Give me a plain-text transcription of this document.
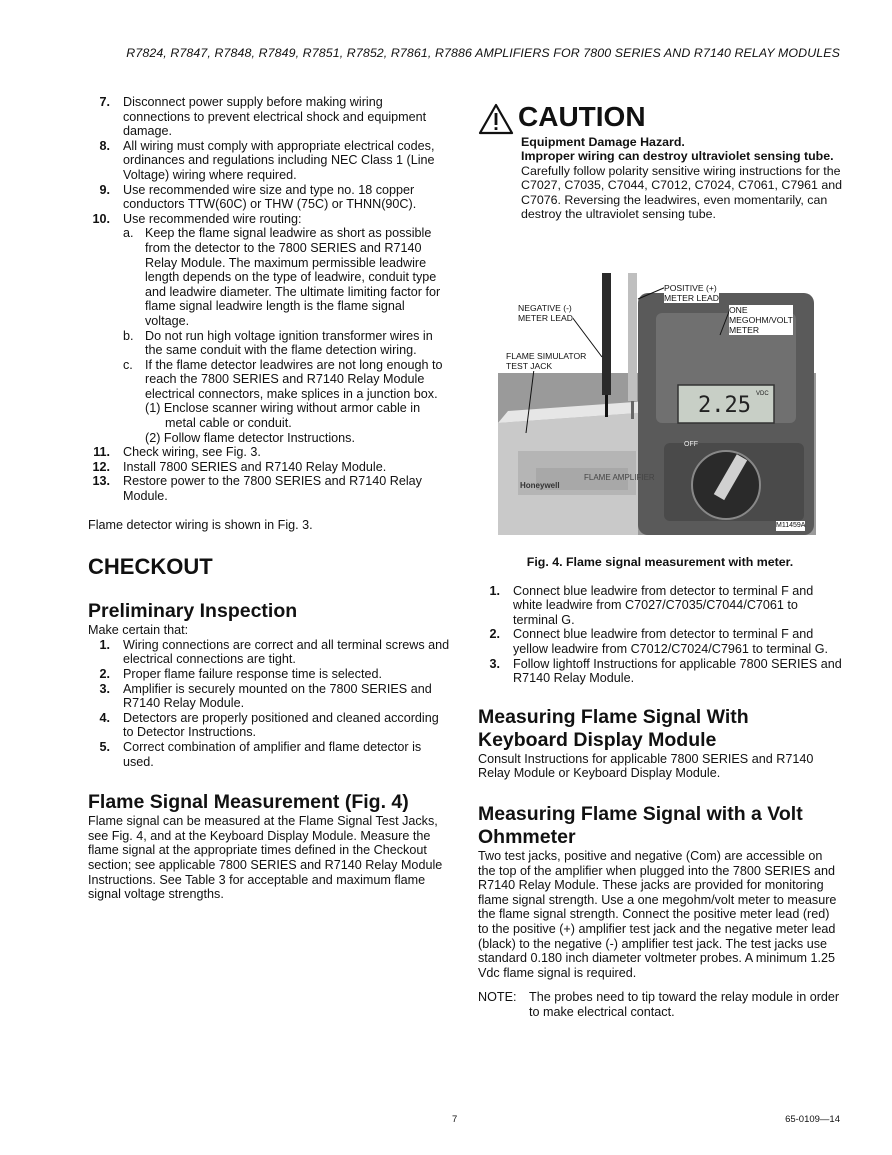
R7824, R7847, R7848, R7849, R7851, R7852, R7861, R7886 AMPLIFIERS FOR 7800 SERIES AND R7140 RELAY MODULES
7. Disconnect power supply before making wiring connections to prevent electrical shock and equipment damage.
8. All wiring must comply with appropriate electrical codes, ordinances and regulations including NEC Class 1 (Line Voltage) wiring where required.
9. Use recommended wire size and type no. 18 copper conductors TTW(60C) or THW (75C) or THNN(90C).
10. Use recommended wire routing:
a. Keep the flame signal leadwire as short as possible from the detector to the 7800 SERIES and R7140 Relay Module. The maximum permissible leadwire length depends on the type of leadwire, conduit type and leadwire diameter. The ultimate limiting factor for flame signal leadwire length is the flame signal voltage.
b. Do not run high voltage ignition transformer wires in the same conduit with the flame detection wiring.
c. If the flame detector leadwires are not long enough to reach the 7800 SERIES and R7140 Relay Module electrical connectors, make splices in a junction box.
(1) Enclose scanner wiring without armor cable in metal cable or conduit.
(2) Follow flame detector Instructions.
11. Check wiring, see Fig. 3.
12. Install 7800 SERIES and R7140 Relay Module.
13. Restore power to the 7800 SERIES and R7140 Relay Module.

Flame detector wiring is shown in Fig. 3.

CHECKOUT
Preliminary Inspection

Make certain that:

1. Wiring connections are correct and all terminal screws and electrical connections are tight.
2. Proper flame failure response time is selected.
3. Amplifier is securely mounted on the 7800 SERIES and R7140 Relay Module.
4. Detectors are properly positioned and cleaned according to Detector Instructions.
5. Correct combination of amplifier and flame detector is used.
Flame Signal Measurement (Fig. 4)

Flame signal can be measured at the Flame Signal Test Jacks, see Fig. 4, and at the Keyboard Display Module. Measure the flame signal at the appropriate times defined in the Checkout section; see applicable 7800 SERIES and R7140 Relay Module Instructions. See Table 3 for acceptable and maximum flame signal voltage strengths.

CAUTION

Equipment Damage Hazard.

Improper wiring can destroy ultraviolet sensing tube.

Carefully follow polarity sensitive wiring instructions for the C7027, C7035, C7044, C7012, C7024, C7061, C7961 and C7076. Reversing the leadwires, even momentarily, can destroy the ultraviolet sensing tube.

NEGATIVE (-)
METER LEAD
POSITIVE (+)
METER LEAD
ONE
MEGOHM/VOLT
METER
FLAME SIMULATOR
TEST JACK
2.25 VDC
OFF
Honeywell
FLAME AMPLIFIER
M11459A

Fig. 4. Flame signal measurement with meter.

1. Connect blue leadwire from detector to terminal F and white leadwire from C7027/C7035/C7044/C7061 to terminal G.
2. Connect blue leadwire from detector to terminal F and yellow leadwire from C7012/C7024/C7961 to terminal G.
3. Follow lightoff Instructions for applicable 7800 SERIES and R7140 Relay Module.
Measuring Flame Signal With Keyboard Display Module

Consult Instructions for applicable 7800 SERIES and R7140 Relay Module or Keyboard Display Module.

Measuring Flame Signal with a Volt Ohmmeter

Two test jacks, positive and negative (Com) are accessible on the top of the amplifier when plugged into the 7800 SERIES and R7140 Relay Module. These jacks are provided for monitoring flame signal strength. Use a one megohm/volt meter to measure the flame signal strength. Connect the positive meter lead (red) to the positive (+) amplifier test jack and the negative meter lead (black) to the negative (-) amplifier test jack. The test jacks use standard 0.180 inch diameter voltmeter probes. A minimum 1.25 Vdc flame signal is required.

NOTE: The probes need to tip toward the relay module in order to make electrical contact.
7	65-0109—14
